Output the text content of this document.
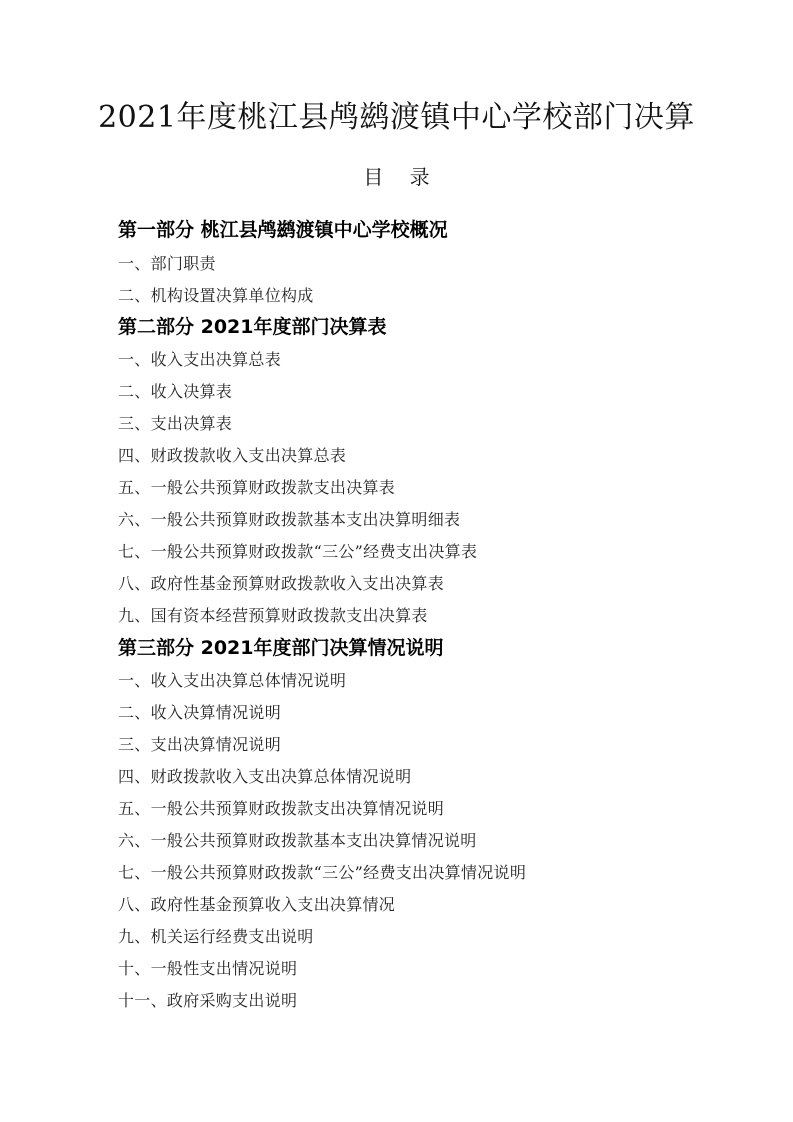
2021年度桃江县鸬鹚渡镇中心学校部门决算
目 录
第一部分 桃江县鸬鹚渡镇中心学校概况
一、部门职责
二、机构设置决算单位构成
第二部分 2021年度部门决算表
一、收入支出决算总表
二、收入决算表
三、支出决算表
四、财政拨款收入支出决算总表
五、一般公共预算财政拨款支出决算表
六、一般公共预算财政拨款基本支出决算明细表
七、一般公共预算财政拨款“三公”经费支出决算表
八、政府性基金预算财政拨款收入支出决算表
九、国有资本经营预算财政拨款支出决算表
第三部分 2021年度部门决算情况说明
一、收入支出决算总体情况说明
二、收入决算情况说明
三、支出决算情况说明
四、财政拨款收入支出决算总体情况说明
五、一般公共预算财政拨款支出决算情况说明
六、一般公共预算财政拨款基本支出决算情况说明
七、一般公共预算财政拨款“三公”经费支出决算情况说明
八、政府性基金预算收入支出决算情况
九、机关运行经费支出说明
十、一般性支出情况说明
十一、政府采购支出说明
